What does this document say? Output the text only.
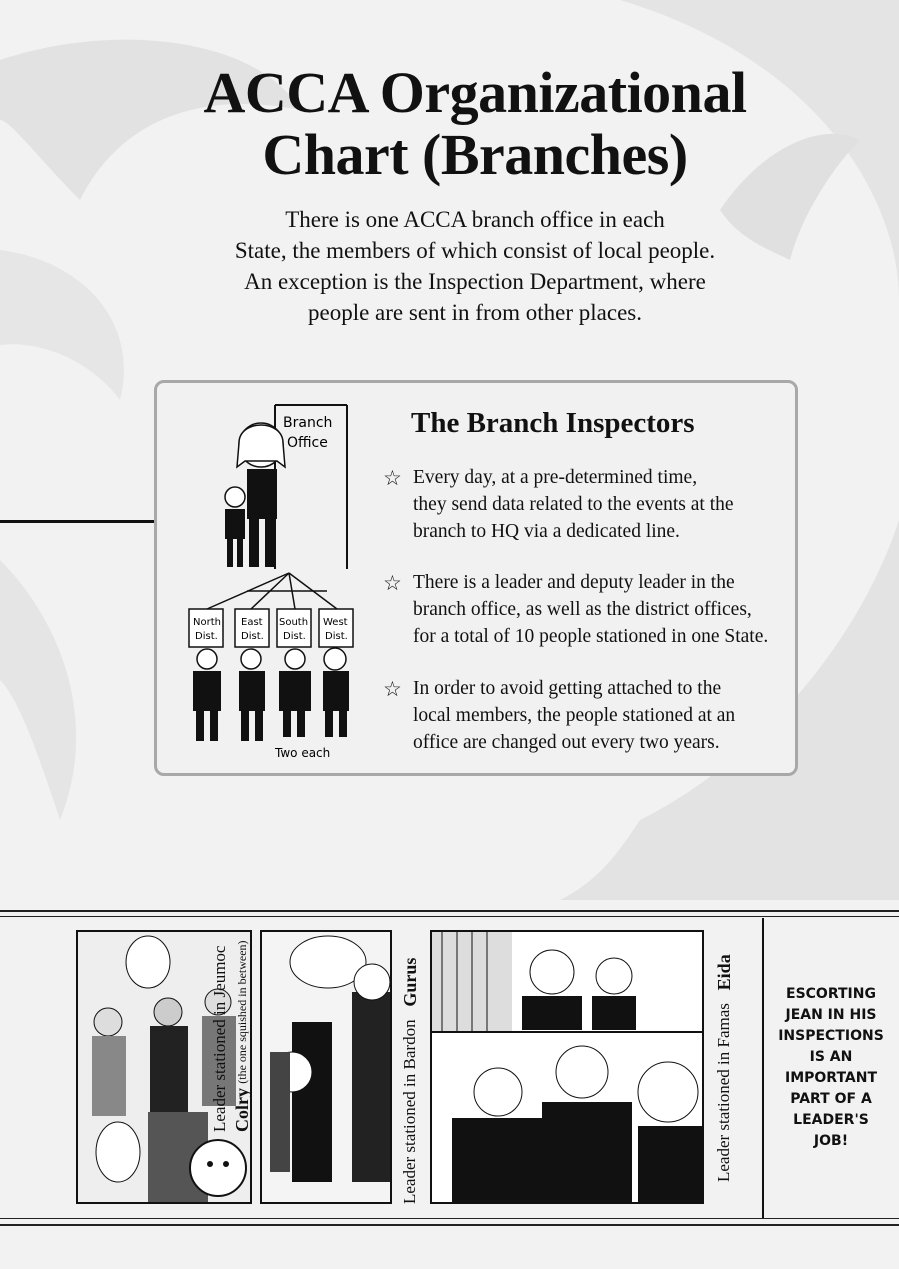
ACCA Organizational
Chart (Branches)
There is one ACCA branch office in each
State, the members of which consist of local people.
An exception is the Inspection Department, where
people are sent in from other places.
Branch
Office
North
Dist.
East
Dist.
South
Dist.
West
Dist.
Two each
The Branch Inspectors
☆ Every day, at a pre-determined time,
they send data related to the events at the
branch to HQ via a dedicated line.
☆ There is a leader and deputy leader in the
branch office, as well as the district offices,
for a total of 10 people stationed in one State.
☆ In order to avoid getting attached to the
local members, the people stationed at an
office are changed out every two years.
Leader stationed in Jeumoc Colry (the one squished in between)
Leader stationed in Bardon   Gurus
Leader stationed in Famas   Eida
ESCORTING
JEAN IN HIS
INSPECTIONS
IS AN
IMPORTANT
PART OF A
LEADER'S
JOB!
